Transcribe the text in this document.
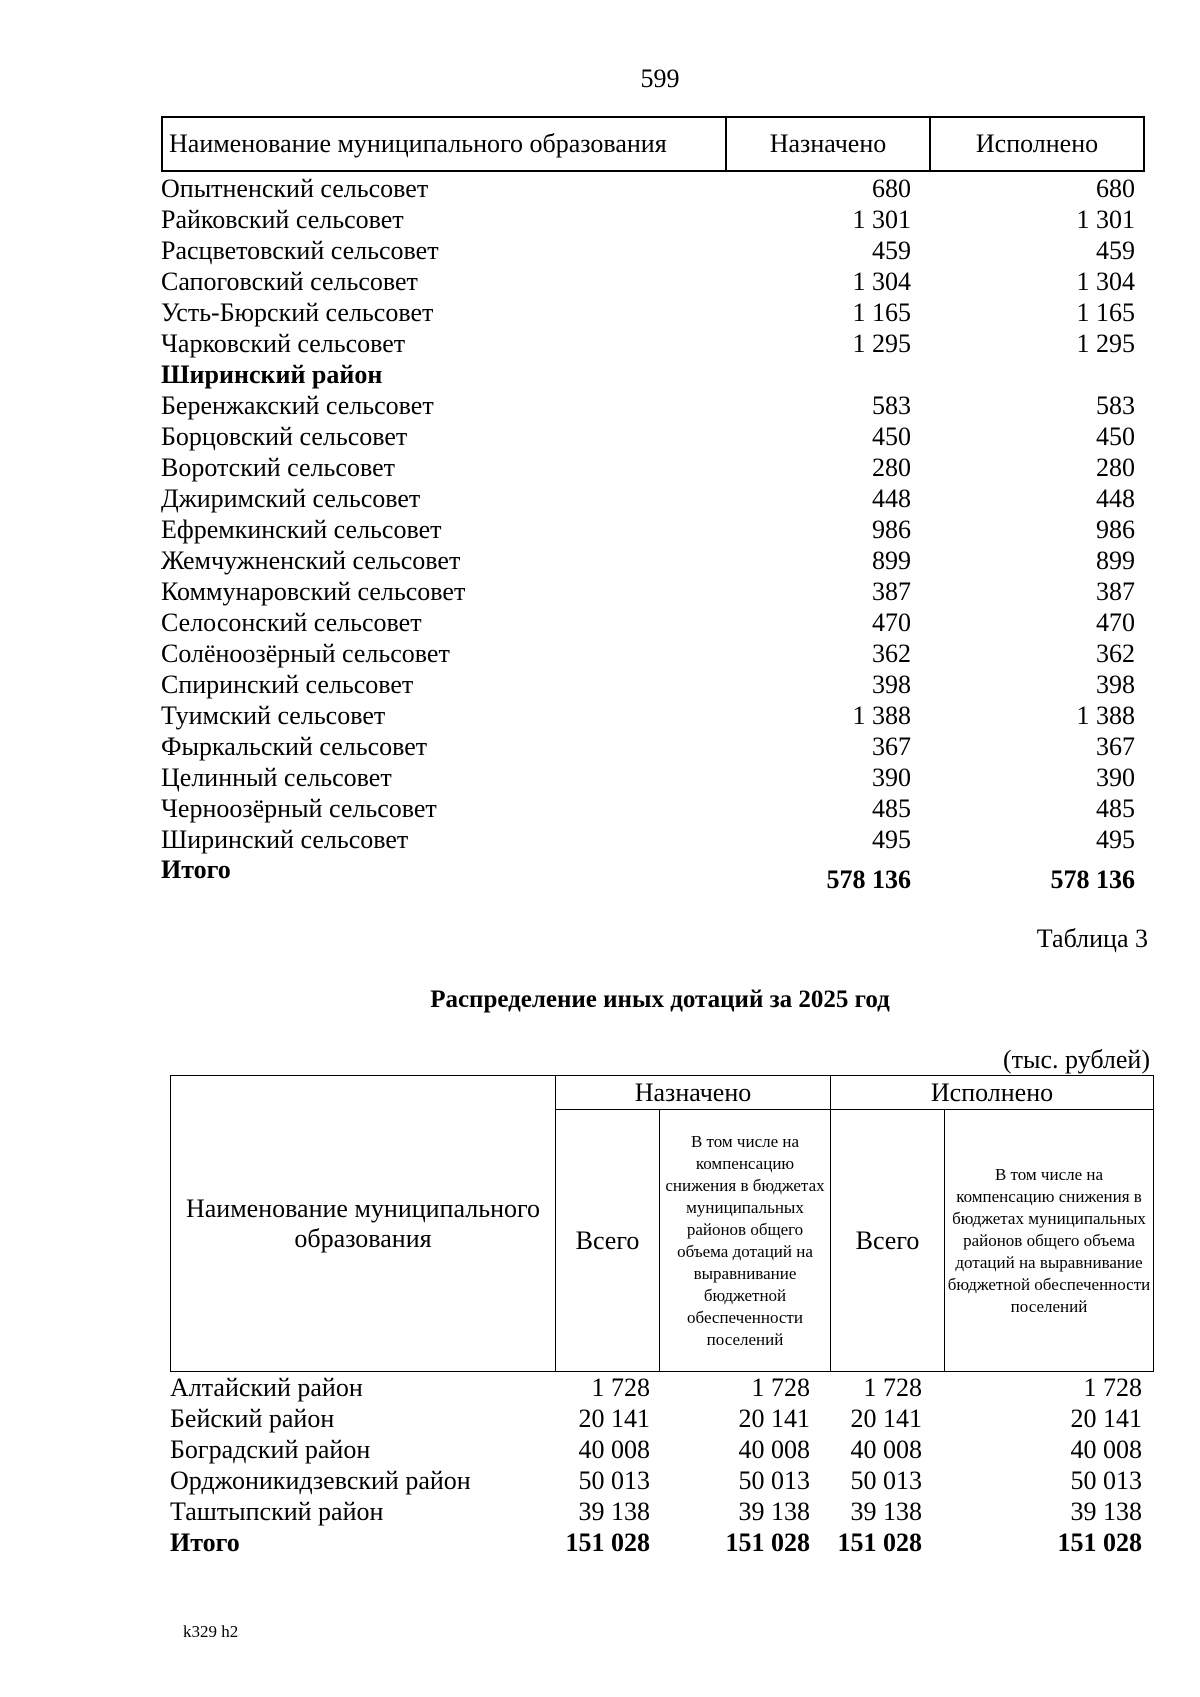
599
Наименование муниципального образования	Назначено	Исполнено
Опытненский сельсовет	680	680
Райковский сельсовет	1 301	1 301
Расцветовский сельсовет	459	459
Сапоговский сельсовет	1 304	1 304
Усть-Бюрский сельсовет	1 165	1 165
Чарковский сельсовет	1 295	1 295
Ширинский район
Беренжакский сельсовет	583	583
Борцовский сельсовет	450	450
Воротский сельсовет	280	280
Джиримский сельсовет	448	448
Ефремкинский сельсовет	986	986
Жемчужненский сельсовет	899	899
Коммунаровский сельсовет	387	387
Селосонский сельсовет	470	470
Солёноозёрный сельсовет	362	362
Спиринский сельсовет	398	398
Туимский сельсовет	1 388	1 388
Фыркальский сельсовет	367	367
Целинный сельсовет	390	390
Черноозёрный сельсовет	485	485
Ширинский сельсовет	495	495
Итого	578 136	578 136
Таблица 3
Распределение иных дотаций за 2025 год
(тыс. рублей)
Наименование муниципального образования	Назначено		Исполнено	
	Всего	В том числе на компенсацию снижения в бюджетах муниципальных районов общего объема дотаций на выравнивание бюджетной обеспеченности поселений	Всего	В том числе на компенсацию снижения в бюджетах муниципальных районов общего объема дотаций на выравнивание бюджетной обеспеченности поселений
Алтайский район	1 728	1 728	1 728	1 728
Бейский район	20 141	20 141	20 141	20 141
Боградский район	40 008	40 008	40 008	40 008
Орджоникидзевский район	50 013	50 013	50 013	50 013
Таштыпский район	39 138	39 138	39 138	39 138
Итого	151 028	151 028	151 028	151 028
k329 h2
